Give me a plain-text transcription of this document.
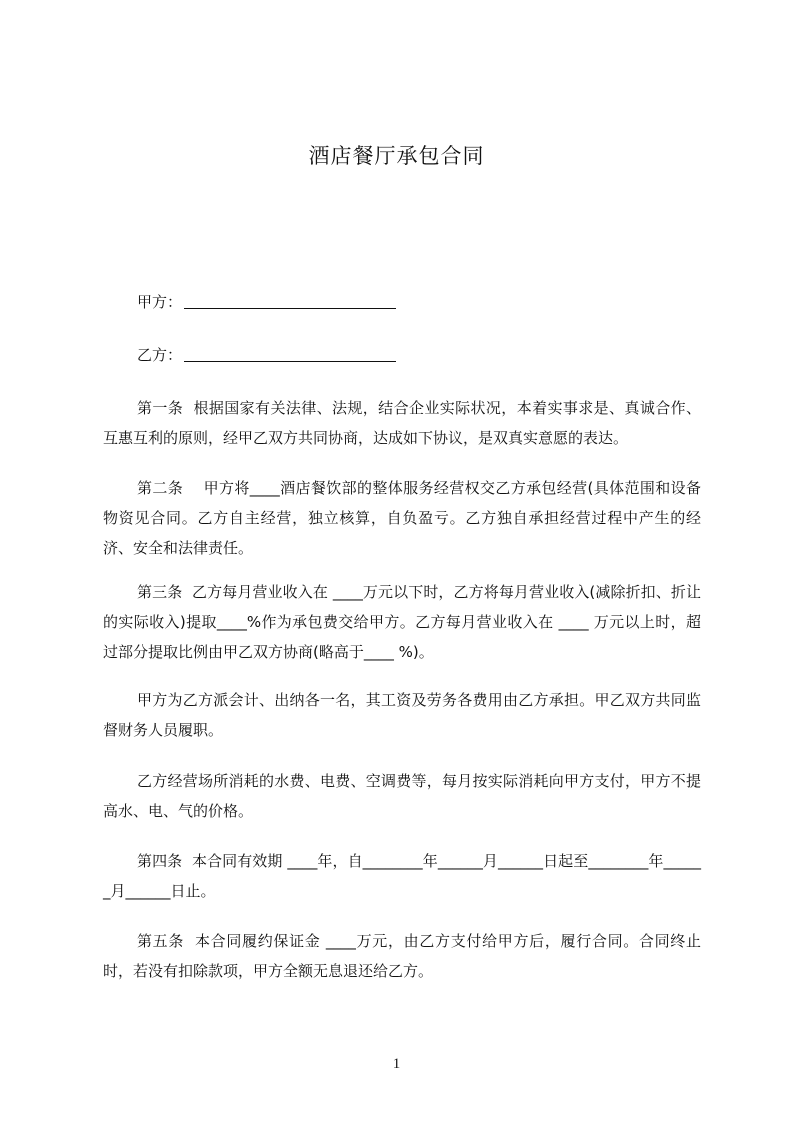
酒店餐厅承包合同
甲方：
乙方：

第一条  根据国家有关法律、法规，结合企业实际状况，本着实事求是、真诚合作、互惠互利的原则，经甲乙双方共同协商，达成如下协议，是双真实意愿的表达。

第二条    甲方将____酒店餐饮部的整体服务经营权交乙方承包经营(具体范围和设备物资见合同。乙方自主经营，独立核算，自负盈亏。乙方独自承担经营过程中产生的经济、安全和法律责任。

第三条  乙方每月营业收入在 ____万元以下时，乙方将每月营业收入(减除折扣、折让的实际收入)提取____%作为承包费交给甲方。乙方每月营业收入在 ____ 万元以上时，超过部分提取比例由甲乙双方协商(略高于____ %)。

甲方为乙方派会计、出纳各一名，其工资及劳务各费用由乙方承担。甲乙双方共同监督财务人员履职。

乙方经营场所消耗的水费、电费、空调费等，每月按实际消耗向甲方支付，甲方不提高水、电、气的价格。

第四条  本合同有效期 ____年，自________年______月______日起至________年______月______日止。

第五条  本合同履约保证金 ____万元，由乙方支付给甲方后，履行合同。合同终止时，若没有扣除款项，甲方全额无息退还给乙方。

1
